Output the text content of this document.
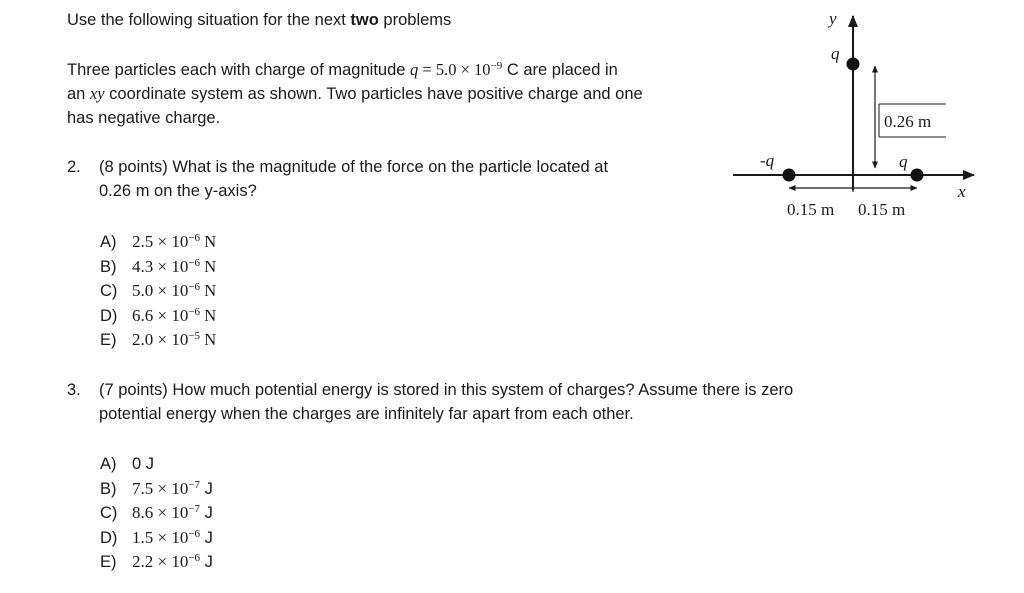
Use the following situation for the next two problems
Three particles each with charge of magnitude $q = 5.0 \times 10^{-9}$ C are placed in
an xy coordinate system as shown. Two particles have positive charge and one
has negative charge.
2. (8 points) What is the magnitude of the force on the particle located at
0.26 m on the y-axis?
A) $2.5 \times 10^{-6}$ N
B) $4.3 \times 10^{-6}$ N
C) $5.0 \times 10^{-6}$ N
D) $6.6 \times 10^{-6}$ N
E) $2.0 \times 10^{-5}$ N
3. (7 points) How much potential energy is stored in this system of charges? Assume there is zero
potential energy when the charges are infinitely far apart from each other.
A) 0 J
B) $7.5 \times 10^{-7}$ J
C) $8.6 \times 10^{-7}$ J
D) $1.5 \times 10^{-6}$ J
E) $2.2 \times 10^{-6}$ J
y
q
0.26 m
-q	q
x
0.15 m 0.15 m
